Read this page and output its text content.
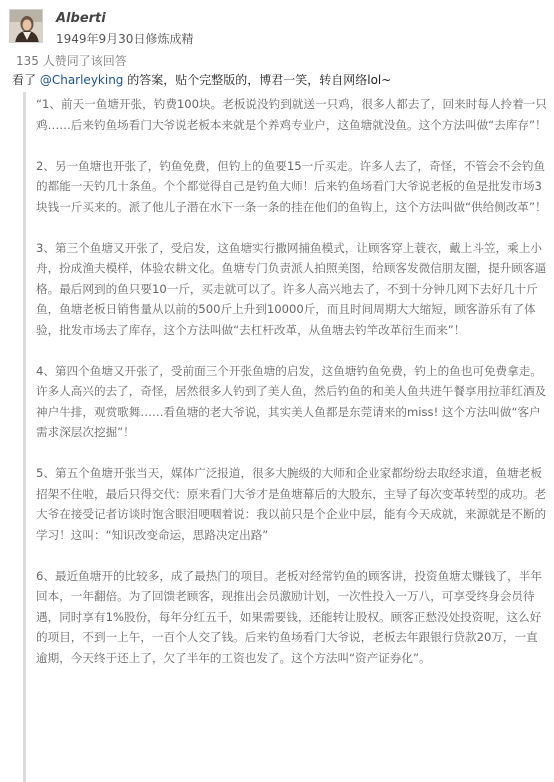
Alberti
1949年9月30日修炼成精
135 人赞同了该回答
看了 @Charleyking 的答案，贴个完整版的，博君一笑，转自网络lol~

“1、前天一鱼塘开张，钓费100块。老板说没钓到就送一只鸡，很多人都去了，回来时每人拎着一只鸡……后来钓鱼场看门大爷说老板本来就是个养鸡专业户，这鱼塘就没鱼。这个方法叫做“去库存”！

2、另一鱼塘也开张了，钓鱼免费，但钓上的鱼要15一斤买走。许多人去了，奇怪，不管会不会钓鱼的都能一天钓几十条鱼。个个都觉得自己是钓鱼大师！后来钓鱼场看门大爷说老板的鱼是批发市场3块钱一斤买来的。派了他儿子潜在水下一条一条的挂在他们的鱼钩上，这个方法叫做“供给侧改革”！

3、第三个鱼塘又开张了，受启发，这鱼塘实行撒网捕鱼模式，让顾客穿上蓑衣，戴上斗笠，乘上小舟，扮成渔夫模样，体验农耕文化。鱼塘专门负责派人拍照美图，给顾客发微信朋友圈，提升顾客逼格。最后网到的鱼只要10一斤，买走就可以了。许多人高兴地去了，不到十分钟几网下去好几十斤鱼，鱼塘老板日销售量从以前的500斤上升到10000斤，而且时间周期大大缩短，顾客游乐有了体验，批发市场去了库存，这个方法叫做“去杠杆改革，从鱼塘去钓竿改革衍生而来”！

4、第四个鱼塘又开张了，受前面三个开张鱼塘的启发，这鱼塘钓鱼免费，钓上的鱼也可免费拿走。许多人高兴的去了，奇怪，居然很多人钓到了美人鱼，然后钓鱼的和美人鱼共进午餐享用拉菲红酒及神户牛排，观赏歌舞……看鱼塘的老大爷说，其实美人鱼都是东莞请来的miss! 这个方法叫做“客户需求深层次挖掘”！

5、第五个鱼塘开张当天，媒体广泛报道，很多大腕级的大师和企业家都纷纷去取经求道，鱼塘老板招架不住啦，最后只得交代：原来看门大爷才是鱼塘幕后的大股东，主导了每次变革转型的成功。老大爷在接受记者访谈时饱含眼泪哽咽着说：我以前只是个企业中层，能有今天成就，来源就是不断的学习！这叫：“知识改变命运，思路决定出路”

6、最近鱼塘开的比较多，成了最热门的项目。老板对经常钓鱼的顾客讲，投资鱼塘太赚钱了，半年回本，一年翻倍。为了回馈老顾客，现推出会员激励计划，一次性投入一万八，可享受终身会员待遇，同时享有1%股份，每年分红五千，如果需要钱，还能转让股权。顾客正愁没处投资呢，这么好的项目，不到一上午，一百个人交了钱。后来钓鱼场看门大爷说，老板去年跟银行贷款20万，一直逾期，今天终于还上了，欠了半年的工资也发了。这个方法叫“资产证券化”。
